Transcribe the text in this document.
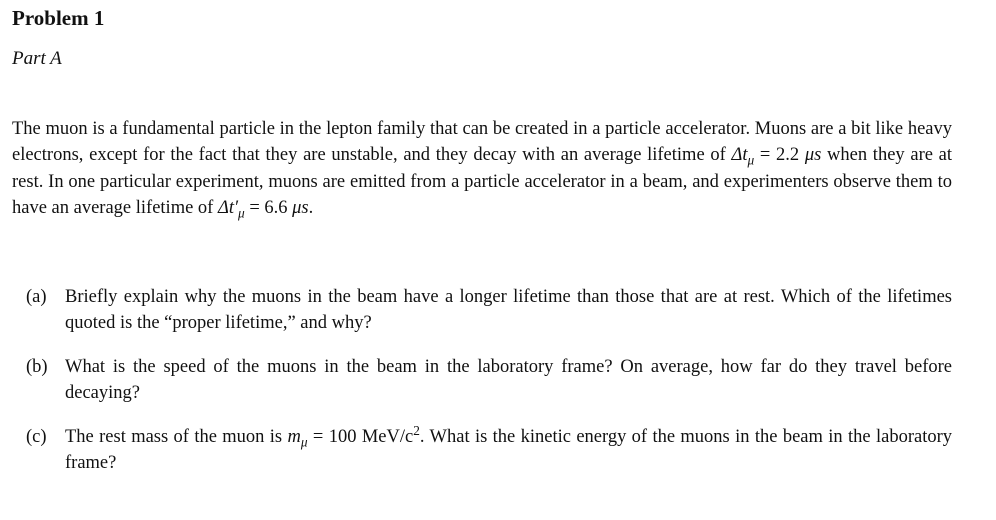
Problem 1
Part A
The muon is a fundamental particle in the lepton family that can be created in a particle accelerator. Muons are a bit like heavy electrons, except for the fact that they are unstable, and they decay with an average lifetime of $\Delta t_\mu = 2.2$ μs when they are at rest. In one particular experiment, muons are emitted from a particle accelerator in a beam, and experimenters observe them to have an average lifetime of $\Delta t'_\mu = 6.6$ μs.
(a) Briefly explain why the muons in the beam have a longer lifetime than those that are at rest. Which of the lifetimes quoted is the “proper lifetime,” and why?
(b) What is the speed of the muons in the beam in the laboratory frame? On average, how far do they travel before decaying?
(c) The rest mass of the muon is $m_\mu = 100$ MeV/$c^2$. What is the kinetic energy of the muons in the beam in the laboratory frame?
